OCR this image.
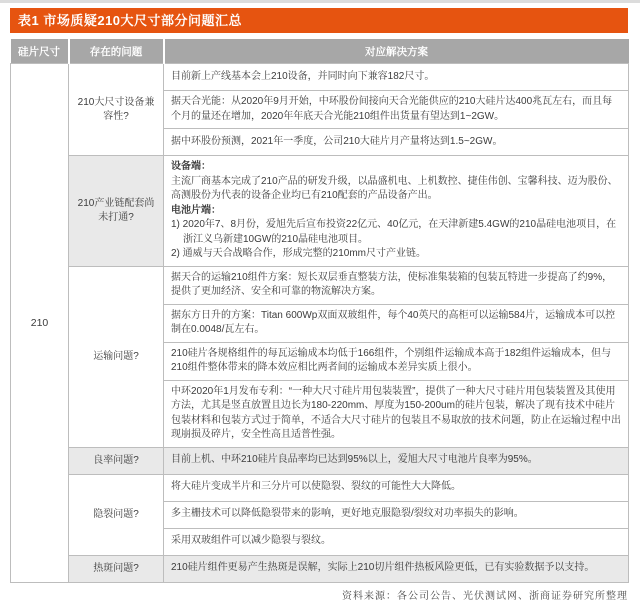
表1 市场质疑210大尺寸部分问题汇总
硅片尺寸	存在的问题	对应解决方案
210	210大尺寸设备兼容性?	目前新上产线基本会上210设备，并同时向下兼容182尺寸。
		据天合光能：从2020年9月开始，中环股份间接向天合光能供应的210大硅片达400兆瓦左右，而且每个月的量还在增加，2020年年底天合光能210组件出货量有望达到1~2GW。
		据中环股份预测，2021年一季度，公司210大硅片月产量将达到1.5~2GW。
	210产业链配套尚未打通?	设备端：
主流厂商基本完成了210产品的研发升级，以晶盛机电、上机数控、捷佳伟创、宝馨科技、迈为股份、高测股份为代表的设备企业均已有210配套的产品设备产出。
电池片端：
1) 2020年7、8月份，爱旭先后宣布投资22亿元、40亿元，在天津新建5.4GW的210晶硅电池项目，在浙江义乌新建10GW的210晶硅电池项目。
2) 通威与天合战略合作，形成完整的210mm尺寸产业链。

	运输问题?	据天合的运输210组件方案：短长双层垂直整装方法，使标准集装箱的包装瓦特进一步提高了约9%，提供了更加经济、安全和可靠的物流解决方案。
		据东方日升的方案：Titan 600Wp双面双玻组件，每个40英尺的高柜可以运输584片，运输成本可以控制在0.0048/瓦左右。
		210硅片各规格组件的每瓦运输成本均低于166组件，个别组件运输成本高于182组件运输成本，但与210组件整体带来的降本效应相比两者间的运输成本差异实质上很小。
		中环2020年1月发布专利：“一种大尺寸硅片用包装装置”，提供了一种大尺寸硅片用包装装置及其使用方法，尤其是竖直放置且边长为180-220mm、厚度为150-200um的硅片包装，解决了现有技术中硅片包装材料和包装方式过于简单，不适合大尺寸硅片的包装且不易取放的技术问题，防止在运输过程中出现崩损及碎片，安全性高且适普性强。
	良率问题?	目前上机、中环210硅片良品率均已达到95%以上，爱旭大尺寸电池片良率为95%。
	隐裂问题?	将大硅片变成半片和三分片可以使隐裂、裂纹的可能性大大降低。
		多主栅技术可以降低隐裂带来的影响，更好地克服隐裂/裂纹对功率损失的影响。
		采用双玻组件可以减少隐裂与裂纹。
	热斑问题?	210硅片组件更易产生热斑是误解，实际上210切片组件热板风险更低，已有实验数据予以支持。
资料来源：各公司公告、光伏测试网、浙商证券研究所整理
